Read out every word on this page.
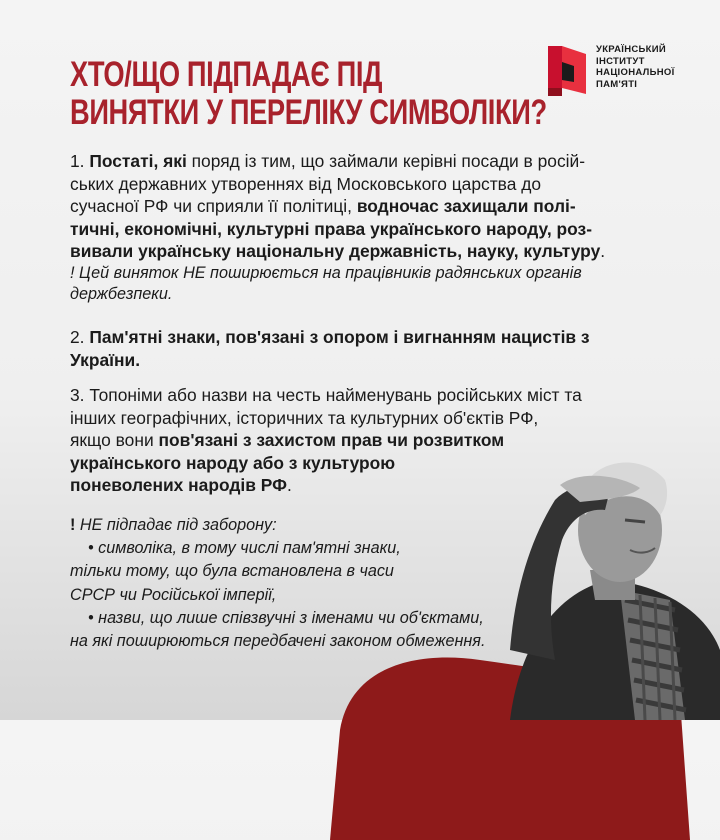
УКРАЇНСЬКИЙ
ІНСТИТУТ
НАЦІОНАЛЬНОЇ
ПАМ'ЯТІ
ХТО/ЩО ПІДПАДАЄ ПІД
ВИНЯТКИ У ПЕРЕЛІКУ СИМВОЛІКИ?

1. Постаті, які поряд із тим, що займали керівні посади в росій-

ських державних утвореннях від Московського царства до

сучасної РФ чи сприяли її політиці, водночас захищали полі-

тичні, економічні, культурні права українського народу, роз-

вивали українську національну державність, науку, культуру.

! Цей виняток НЕ поширюється на працівників радянських органів
держбезпеки.

2. Пам'ятні знаки, пов'язані з опором і вигнанням нацистів з

України.

3. Топоніми або назви на честь найменувань російських міст та

інших географічних, історичних та культурних об'єктів РФ,

якщо вони пов'язані з захистом прав чи розвитком

українського народу або з культурою

поневолених народів РФ.

! НЕ підпадає під заборону:
• символіка, в тому числі пам'ятні знаки,
тільки тому, що була встановлена в часи
СРСР чи Російської імперії,
• назви, що лише співзвучні з іменами чи об'єктами,
на які поширюються передбачені законом обмеження.
